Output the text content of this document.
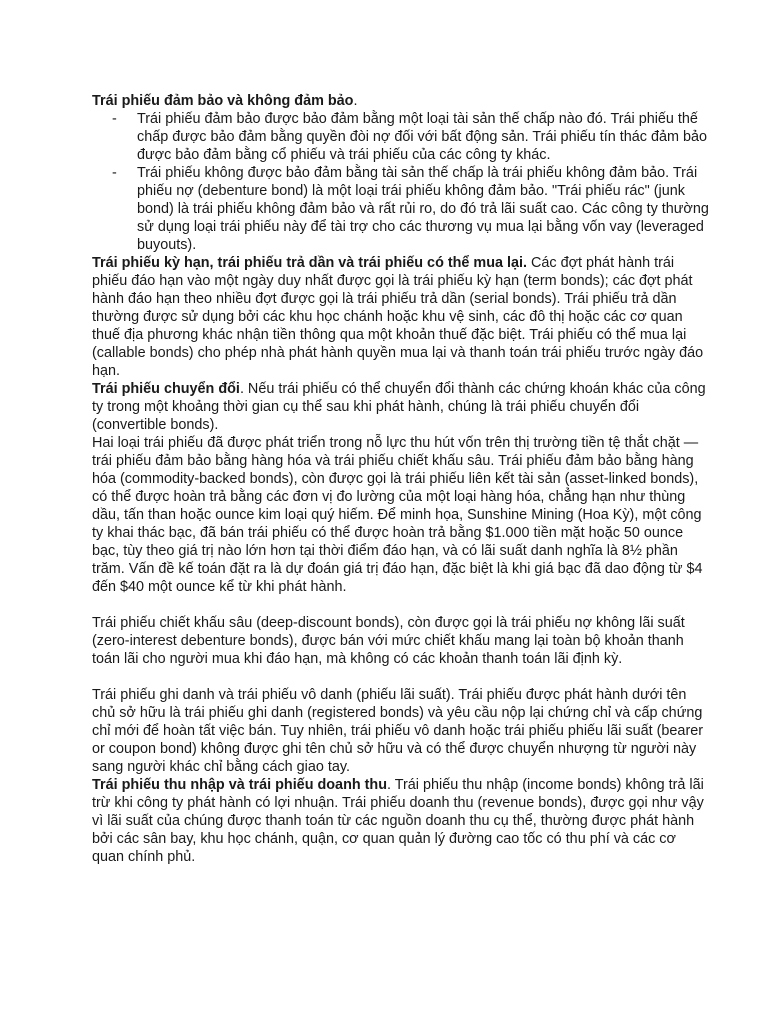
Trái phiếu đảm bảo và không đảm bảo.

- Trái phiếu đảm bảo được bảo đảm bằng một loại tài sản thế chấp nào đó. Trái phiếu thế chấp được bảo đảm bằng quyền đòi nợ đối với bất động sản. Trái phiếu tín thác đảm bảo được bảo đảm bằng cổ phiếu và trái phiếu của các công ty khác.
- Trái phiếu không được bảo đảm bằng tài sản thế chấp là trái phiếu không đảm bảo. Trái phiếu nợ (debenture bond) là một loại trái phiếu không đảm bảo. "Trái phiếu rác" (junk bond) là trái phiếu không đảm bảo và rất rủi ro, do đó trả lãi suất cao. Các công ty thường sử dụng loại trái phiếu này để tài trợ cho các thương vụ mua lại bằng vốn vay (leveraged buyouts).

Trái phiếu kỳ hạn, trái phiếu trả dần và trái phiếu có thể mua lại. Các đợt phát hành trái phiếu đáo hạn vào một ngày duy nhất được gọi là trái phiếu kỳ hạn (term bonds); các đợt phát hành đáo hạn theo nhiều đợt được gọi là trái phiếu trả dần (serial bonds). Trái phiếu trả dần thường được sử dụng bởi các khu học chánh hoặc khu vệ sinh, các đô thị hoặc các cơ quan thuế địa phương khác nhận tiền thông qua một khoản thuế đặc biệt. Trái phiếu có thể mua lại (callable bonds) cho phép nhà phát hành quyền mua lại và thanh toán trái phiếu trước ngày đáo hạn.

Trái phiếu chuyển đổi. Nếu trái phiếu có thể chuyển đổi thành các chứng khoán khác của công ty trong một khoảng thời gian cụ thể sau khi phát hành, chúng là trái phiếu chuyển đổi (convertible bonds).

Hai loại trái phiếu đã được phát triển trong nỗ lực thu hút vốn trên thị trường tiền tệ thắt chặt — trái phiếu đảm bảo bằng hàng hóa và trái phiếu chiết khấu sâu. Trái phiếu đảm bảo bằng hàng hóa (commodity-backed bonds), còn được gọi là trái phiếu liên kết tài sản (asset-linked bonds), có thể được hoàn trả bằng các đơn vị đo lường của một loại hàng hóa, chẳng hạn như thùng dầu, tấn than hoặc ounce kim loại quý hiếm. Để minh họa, Sunshine Mining (Hoa Kỳ), một công ty khai thác bạc, đã bán trái phiếu có thể được hoàn trả bằng $1.000 tiền mặt hoặc 50 ounce bạc, tùy theo giá trị nào lớn hơn tại thời điểm đáo hạn, và có lãi suất danh nghĩa là 8½ phần trăm. Vấn đề kế toán đặt ra là dự đoán giá trị đáo hạn, đặc biệt là khi giá bạc đã dao động từ $4 đến $40 một ounce kể từ khi phát hành.

Trái phiếu chiết khấu sâu (deep-discount bonds), còn được gọi là trái phiếu nợ không lãi suất (zero-interest debenture bonds), được bán với mức chiết khấu mang lại toàn bộ khoản thanh toán lãi cho người mua khi đáo hạn, mà không có các khoản thanh toán lãi định kỳ.

Trái phiếu ghi danh và trái phiếu vô danh (phiếu lãi suất). Trái phiếu được phát hành dưới tên chủ sở hữu là trái phiếu ghi danh (registered bonds) và yêu cầu nộp lại chứng chỉ và cấp chứng chỉ mới để hoàn tất việc bán. Tuy nhiên, trái phiếu vô danh hoặc trái phiếu phiếu lãi suất (bearer or coupon bond) không được ghi tên chủ sở hữu và có thể được chuyển nhượng từ người này sang người khác chỉ bằng cách giao tay.

Trái phiếu thu nhập và trái phiếu doanh thu. Trái phiếu thu nhập (income bonds) không trả lãi trừ khi công ty phát hành có lợi nhuận. Trái phiếu doanh thu (revenue bonds), được gọi như vậy vì lãi suất của chúng được thanh toán từ các nguồn doanh thu cụ thể, thường được phát hành bởi các sân bay, khu học chánh, quận, cơ quan quản lý đường cao tốc có thu phí và các cơ quan chính phủ.
